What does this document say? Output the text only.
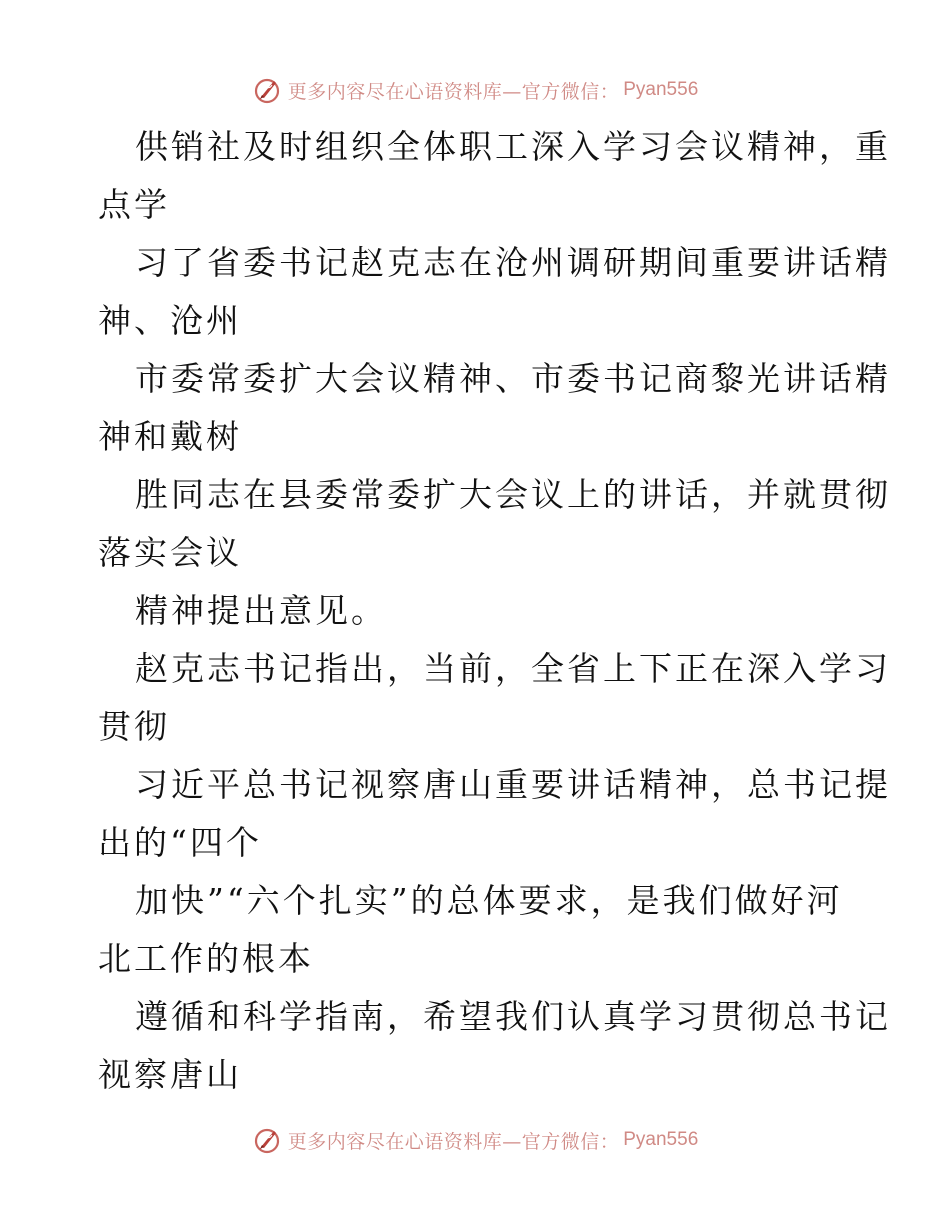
更多内容尽在心语资料库—官方微信： Pyan556
供销社及时组织全体职工深入学习会议精神，重
点学
习了省委书记赵克志在沧州调研期间重要讲话精
神、沧州
市委常委扩大会议精神、市委书记商黎光讲话精
神和戴树
胜同志在县委常委扩大会议上的讲话，并就贯彻
落实会议
精神提出意见。
赵克志书记指出，当前，全省上下正在深入学习
贯彻
习近平总书记视察唐山重要讲话精神，总书记提
出的“四个
加快”“六个扎实”的总体要求，是我们做好河
北工作的根本
遵循和科学指南，希望我们认真学习贯彻总书记
视察唐山
更多内容尽在心语资料库—官方微信： Pyan556
